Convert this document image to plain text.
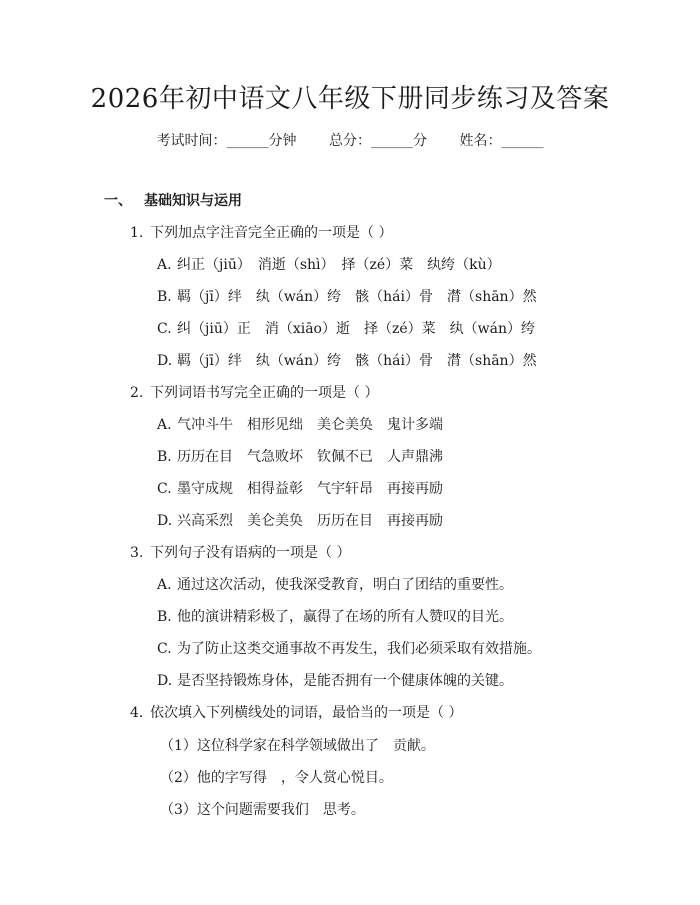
2026年初中语文八年级下册同步练习及答案
考试时间：______分钟 总分：______分 姓名：______
一、 基础知识与运用
1. 下列加点字注音完全正确的一项是（ ）
A. 纠正（jiū）　消逝（shì）　择（zé）菜　纨绔（kù）
B. 羁（jī）绊　纨（wán）绔　骸（hái）骨　潸（shān）然
C. 纠（jiū）正　消（xiāo）逝　择（zé）菜　纨（wán）绔
D. 羁（jī）绊　纨（wán）绔　骸（hái）骨　潸（shān）然
2. 下列词语书写完全正确的一项是（ ）
A. 气冲斗牛　相形见绌　美仑美奂　鬼计多端
B. 历历在目　气急败坏　钦佩不已　人声鼎沸
C. 墨守成规　相得益彰　气宇轩昂　再接再励
D. 兴高采烈　美仑美奂　历历在目　再接再励
3. 下列句子没有语病的一项是（ ）
A. 通过这次活动，使我深受教育，明白了团结的重要性。
B. 他的演讲精彩极了，赢得了在场的所有人赞叹的目光。
C. 为了防止这类交通事故不再发生，我们必须采取有效措施。
D. 是否坚持锻炼身体，是能否拥有一个健康体魄的关键。
4. 依次填入下列横线处的词语，最恰当的一项是（ ）
（1）这位科学家在科学领域做出了　贡献。
（2）他的字写得　，令人赏心悦目。
（3）这个问题需要我们　思考。
